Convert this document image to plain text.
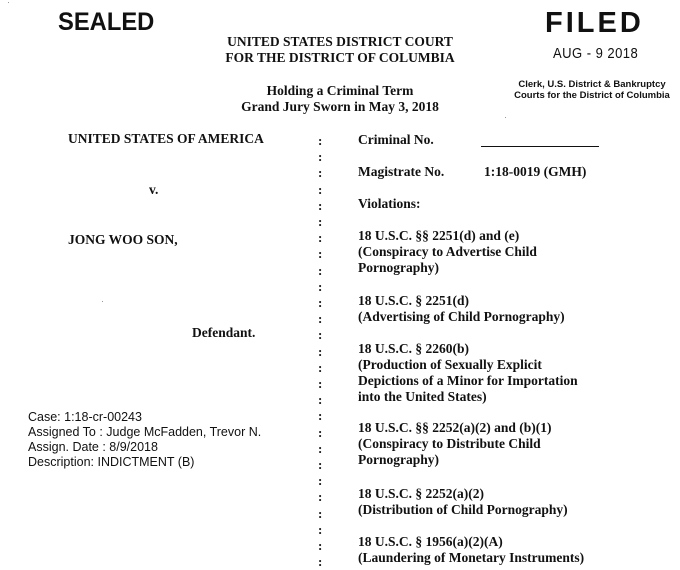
SEALED	FILED
AUG - 9 2018
Clerk, U.S. District & Bankruptcy
Courts for the District of Columbia
UNITED STATES DISTRICT COURT
FOR THE DISTRICT OF COLUMBIA
Holding a Criminal Term
Grand Jury Sworn in May 3, 2018
UNITED STATES OF AMERICA
v.
JONG WOO SON,
Defendant.
Case: 1:18-cr-00243
Assigned To : Judge McFadden, Trevor N.
Assign. Date : 8/9/2018
Description: INDICTMENT (B)
:
:
:
:
:
:
:
:
:
:
:
:
:
:
:
:
:
:
:
:
:
:
:
:
:
:
:
Criminal No.
Magistrate No.	1:18-0019 (GMH)
Violations:
18 U.S.C. §§ 2251(d) and (e)
(Conspiracy to Advertise Child
Pornography)
18 U.S.C. § 2251(d)
(Advertising of Child Pornography)
18 U.S.C. § 2260(b)
(Production of Sexually Explicit
Depictions of a Minor for Importation
into the United States)
18 U.S.C. §§ 2252(a)(2) and (b)(1)
(Conspiracy to Distribute Child
Pornography)
18 U.S.C. § 2252(a)(2)
(Distribution of Child Pornography)
18 U.S.C. § 1956(a)(2)(A)
(Laundering of Monetary Instruments)
